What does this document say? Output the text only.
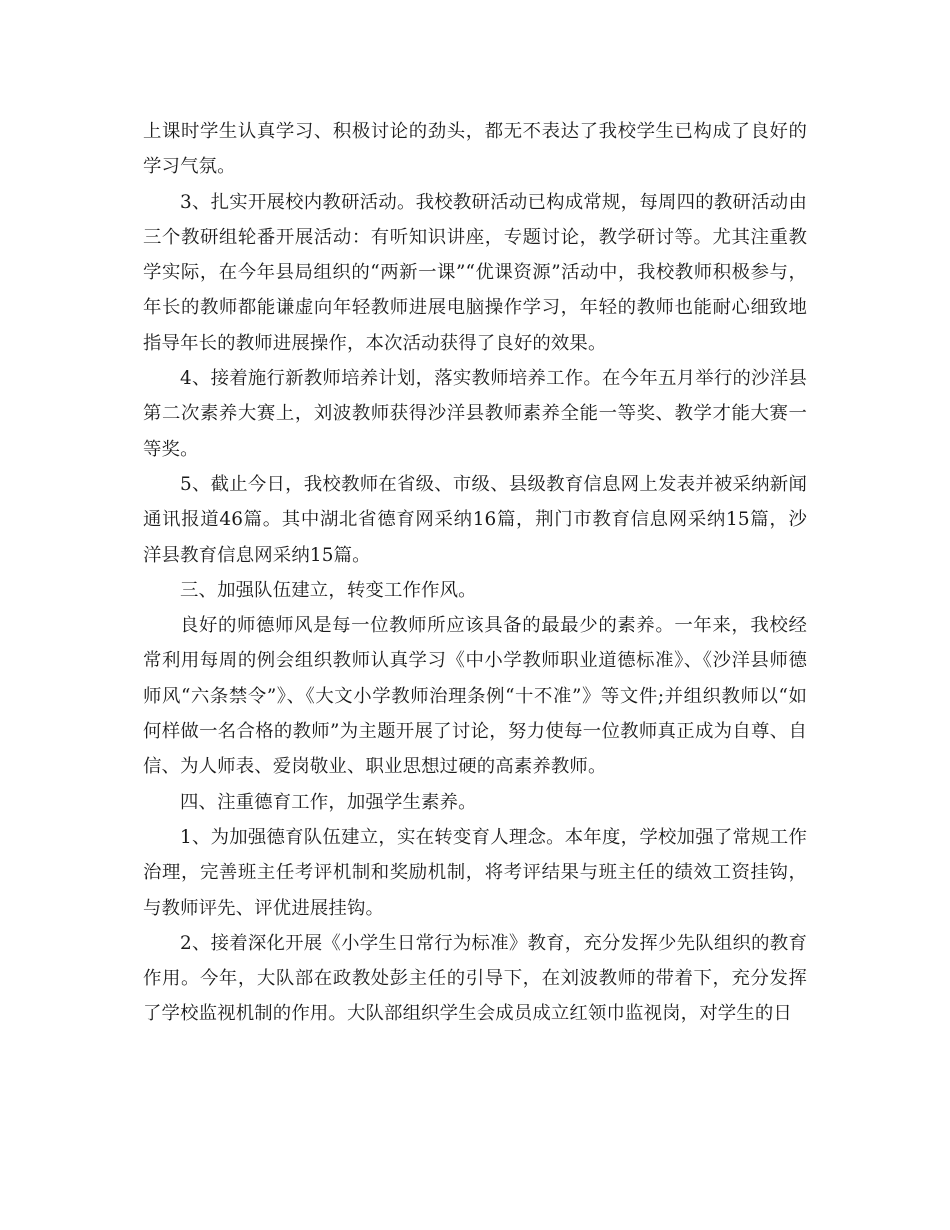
上课时学生认真学习、积极讨论的劲头，都无不表达了我校学生已构成了良好的学习气氛。

3、扎实开展校内教研活动。我校教研活动已构成常规，每周四的教研活动由三个教研组轮番开展活动：有听知识讲座，专题讨论，教学研讨等。尤其注重教学实际，在今年县局组织的“两新一课”“优课资源”活动中，我校教师积极参与，年长的教师都能谦虚向年轻教师进展电脑操作学习，年轻的教师也能耐心细致地指导年长的教师进展操作，本次活动获得了良好的效果。

4、接着施行新教师培养计划，落实教师培养工作。在今年五月举行的沙洋县第二次素养大赛上，刘波教师获得沙洋县教师素养全能一等奖、教学才能大赛一等奖。

5、截止今日，我校教师在省级、市级、县级教育信息网上发表并被采纳新闻通讯报道46篇。其中湖北省德育网采纳16篇，荆门市教育信息网采纳15篇，沙洋县教育信息网采纳15篇。

三、加强队伍建立，转变工作作风。

良好的师德师风是每一位教师所应该具备的最最少的素养。一年来，我校经常利用每周的例会组织教师认真学习《中小学教师职业道德标准》、《沙洋县师德师风“六条禁令”》、《大文小学教师治理条例“十不准”》等文件;并组织教师以“如何样做一名合格的教师”为主题开展了讨论，努力使每一位教师真正成为自尊、自信、为人师表、爱岗敬业、职业思想过硬的高素养教师。

四、注重德育工作，加强学生素养。

1、为加强德育队伍建立，实在转变育人理念。本年度，学校加强了常规工作治理，完善班主任考评机制和奖励机制，将考评结果与班主任的绩效工资挂钩，与教师评先、评优进展挂钩。

2、接着深化开展《小学生日常行为标准》教育，充分发挥少先队组织的教育作用。今年，大队部在政教处彭主任的引导下，在刘波教师的带着下，充分发挥了学校监视机制的作用。大队部组织学生会成员成立红领巾监视岗，对学生的日
